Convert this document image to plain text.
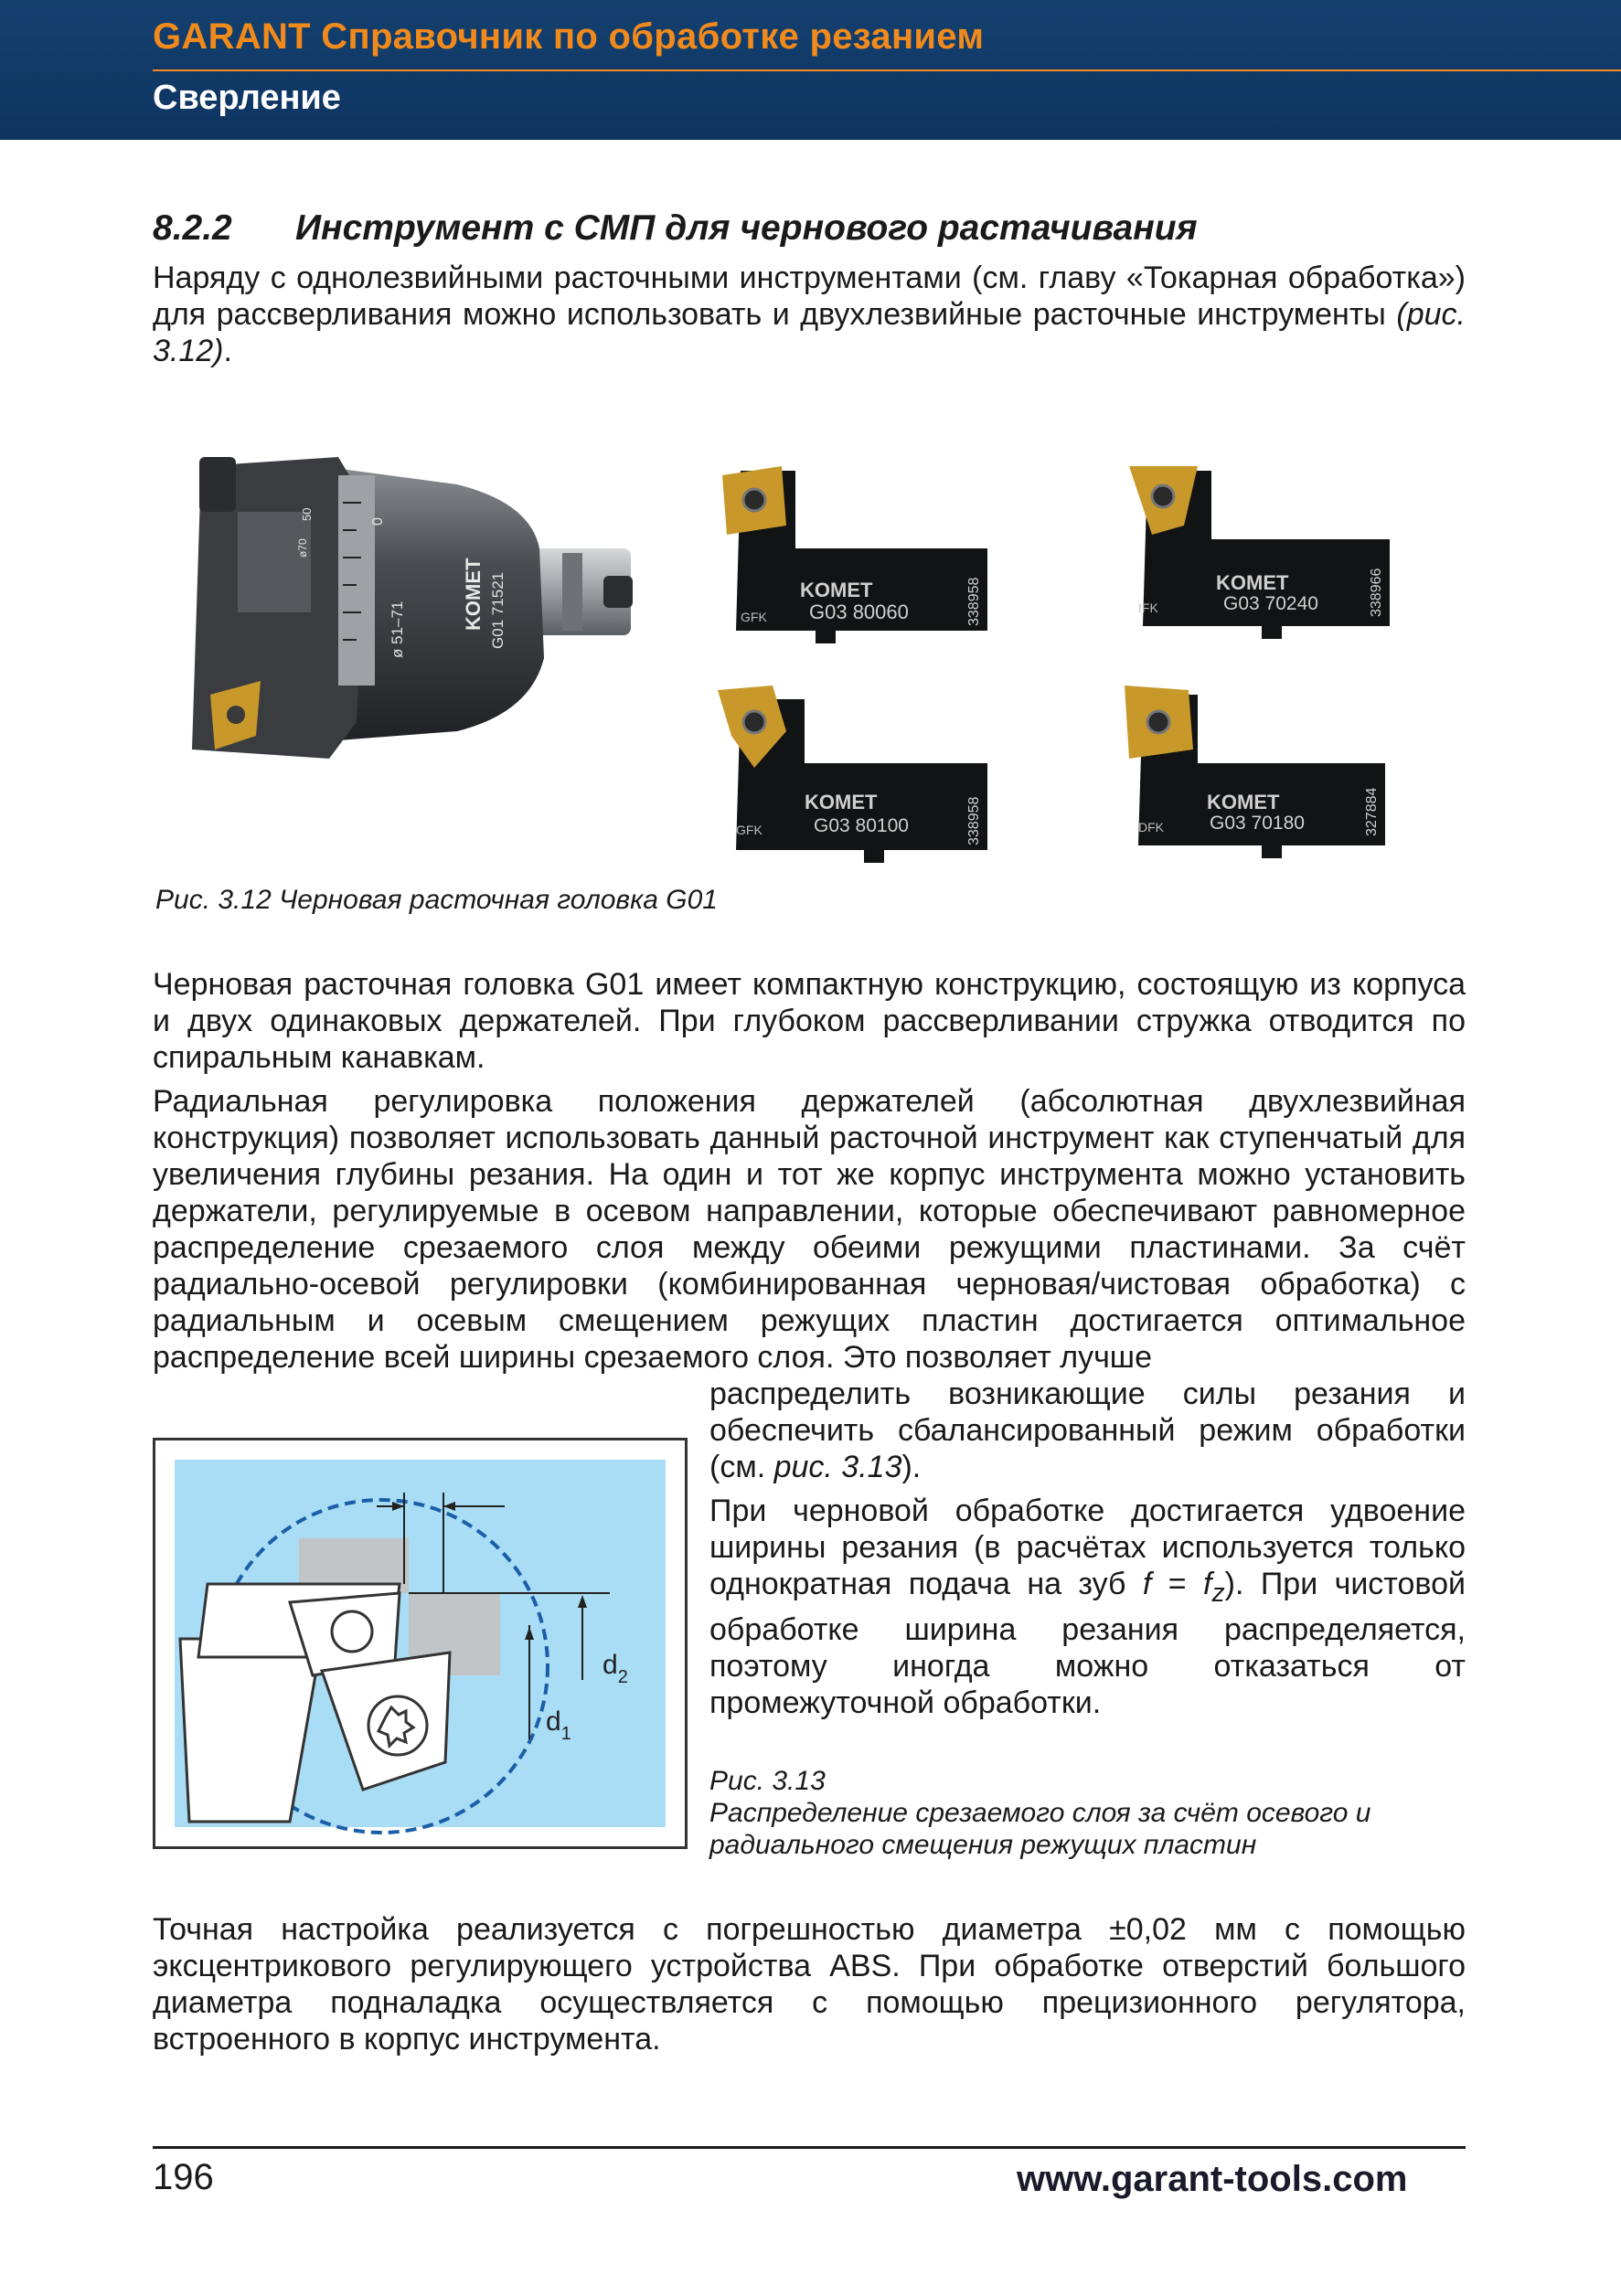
GARANT Справочник по обработке резанием
Сверление
8.2.2 Инструмент с СМП для чернового растачивания
Наряду с однолезвийными расточными инструментами (см. главу «Токарная обработка») для рассверливания можно использовать и двухлезвийные расточные инструменты (рис. 3.12).
KOMET G01 71521
ø 51–71
50
0
ø70
KOMET
G03 80060
GFK	338958	KOMET
G03 70240
IFK	338966
KOMET
G03 80100
GFK	338958	KOMET
G03 70180
DFK	327884
Рис. 3.12 Черновая расточная головка G01
Черновая расточная головка G01 имеет компактную конструкцию, состоящую из корпуса и двух одинаковых держателей. При глубоком рассверливании стружка отводится по спиральным канавкам.
Радиальная регулировка положения держателей (абсолютная двухлезвийная конструкция) позволяет использовать данный расточной инструмент как ступенчатый для увеличения глубины резания. На один и тот же корпус инструмента можно установить держатели, регулируемые в осевом направлении, которые обеспечивают равномерное распределение срезаемого слоя между обеими режущими пластинами. За счёт радиально-осевой регулировки (комбинированная черновая/чистовая обработка) с радиальным и осевым смещением режущих пластин достигается оптимальное распределение всей ширины срезаемого слоя. Это позволяет лучше
распределить возникающие силы резания и обеспечить сбалансированный режим обработки (см. рис. 3.13).
При черновой обработке достигается удвоение ширины резания (в расчётах используется только однократная подача на зуб $f = f_z$). При чистовой обработке ширина резания распределяется, поэтому иногда можно отказаться от промежуточной обработки.
$d_2$
$d_1$
Рис. 3.13
Распределение срезаемого слоя за счёт осевого и радиального смещения режущих пластин
Точная настройка реализуется с погрешностью диаметра ±0,02 мм с помощью эксцентрикового регулирующего устройства ABS. При обработке отверстий большого диаметра подналадка осуществляется с помощью прецизионного регулятора, встроенного в корпус инструмента.
196	www.garant-tools.com
